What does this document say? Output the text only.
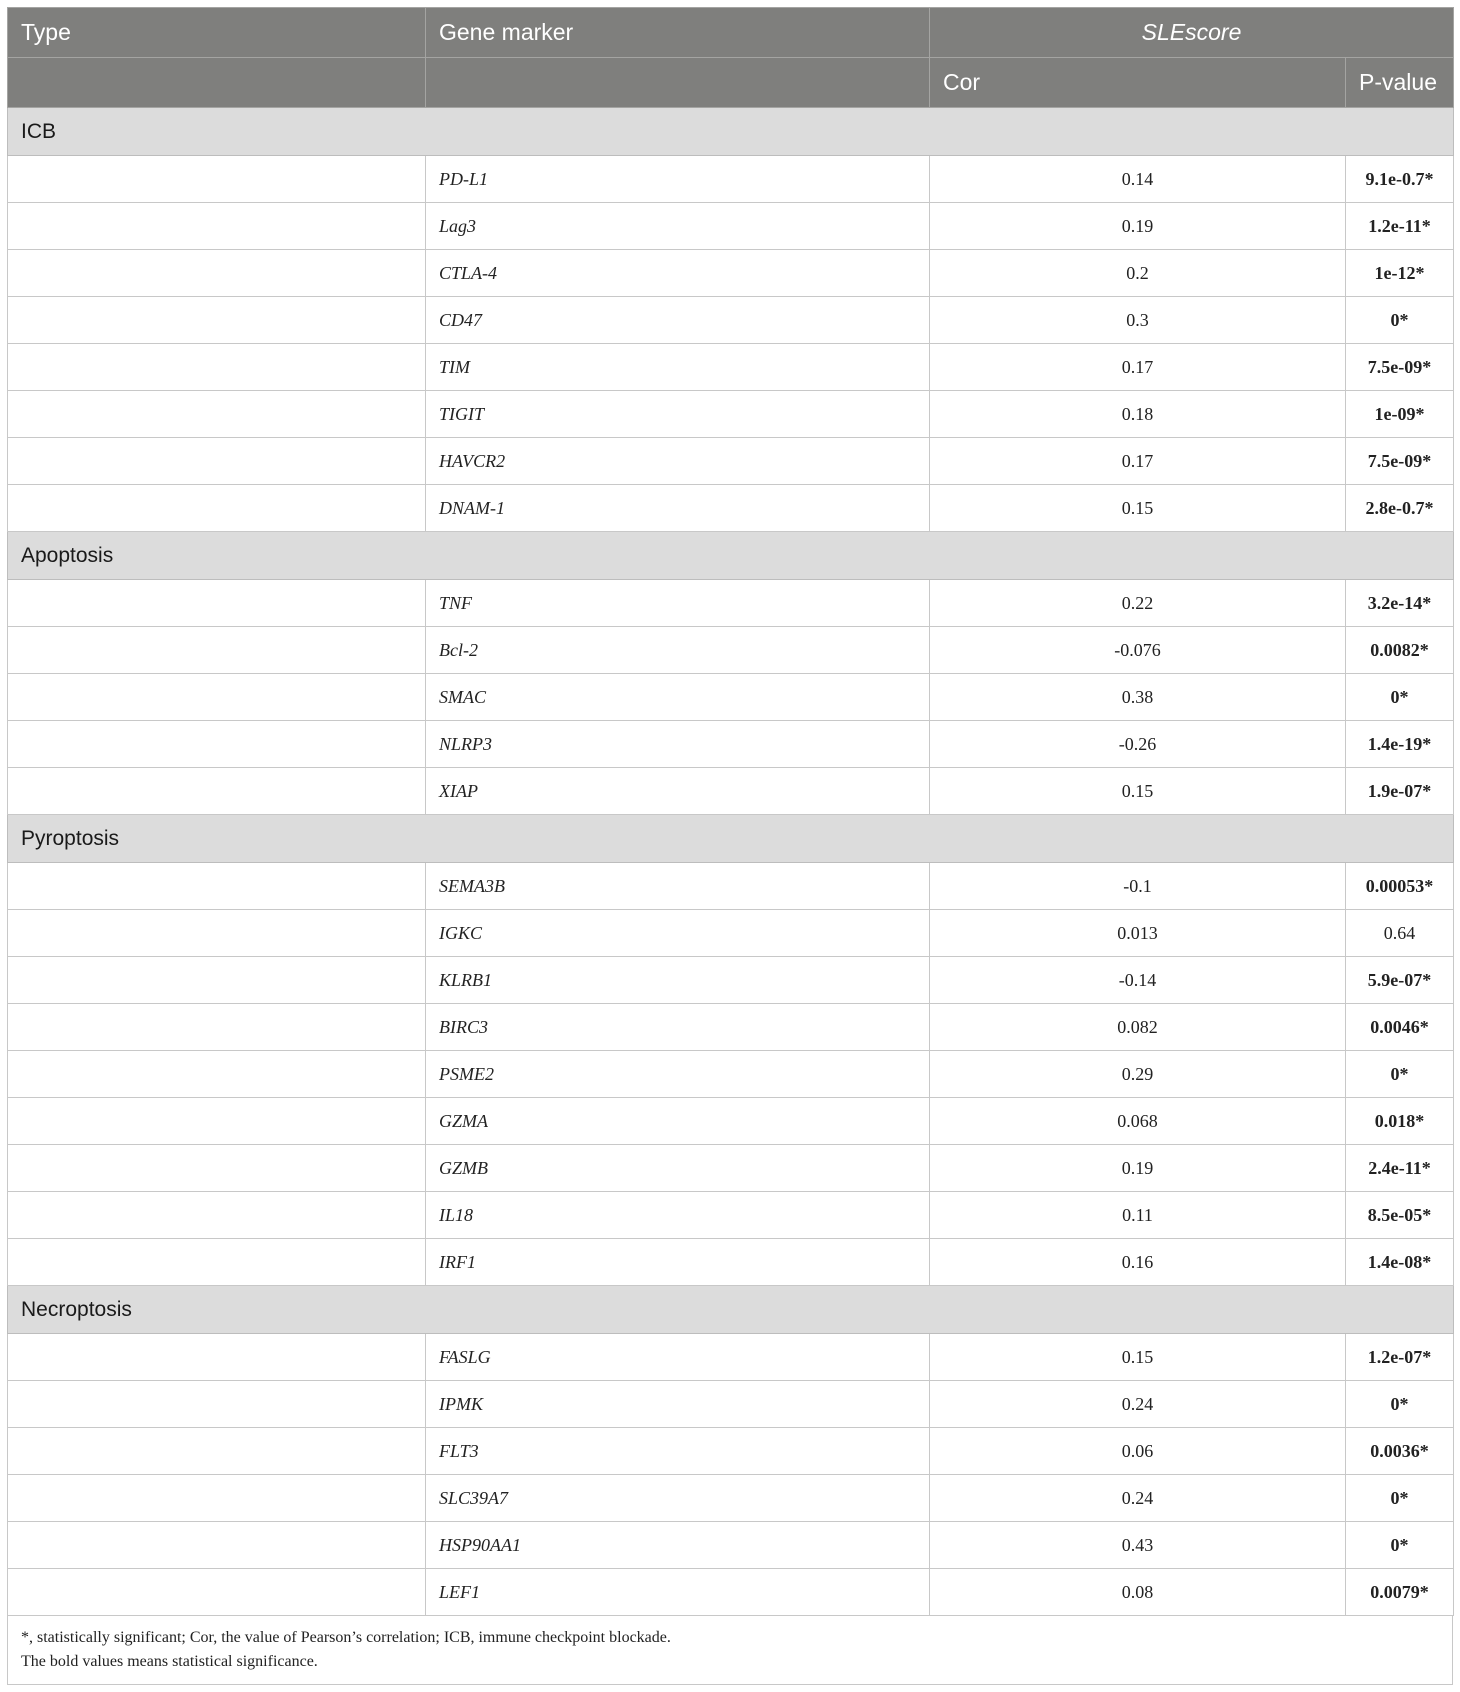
Type	Gene marker	SLEscore	
		Cor	P-value
ICB			
	PD-L1	0.14	9.1e-0.7*
	Lag3	0.19	1.2e-11*
	CTLA-4	0.2	1e-12*
	CD47	0.3	0*
	TIM	0.17	7.5e-09*
	TIGIT	0.18	1e-09*
	HAVCR2	0.17	7.5e-09*
	DNAM-1	0.15	2.8e-0.7*
Apoptosis			
	TNF	0.22	3.2e-14*
	Bcl-2	-0.076	0.0082*
	SMAC	0.38	0*
	NLRP3	-0.26	1.4e-19*
	XIAP	0.15	1.9e-07*
Pyroptosis			
	SEMA3B	-0.1	0.00053*
	IGKC	0.013	0.64
	KLRB1	-0.14	5.9e-07*
	BIRC3	0.082	0.0046*
	PSME2	0.29	0*
	GZMA	0.068	0.018*
	GZMB	0.19	2.4e-11*
	IL18	0.11	8.5e-05*
	IRF1	0.16	1.4e-08*
Necroptosis			
	FASLG	0.15	1.2e-07*
	IPMK	0.24	0*
	FLT3	0.06	0.0036*
	SLC39A7	0.24	0*
	HSP90AA1	0.43	0*
	LEF1	0.08	0.0079*
*, statistically significant; Cor, the value of Pearson’s correlation; ICB, immune checkpoint blockade.
The bold values means statistical significance.
